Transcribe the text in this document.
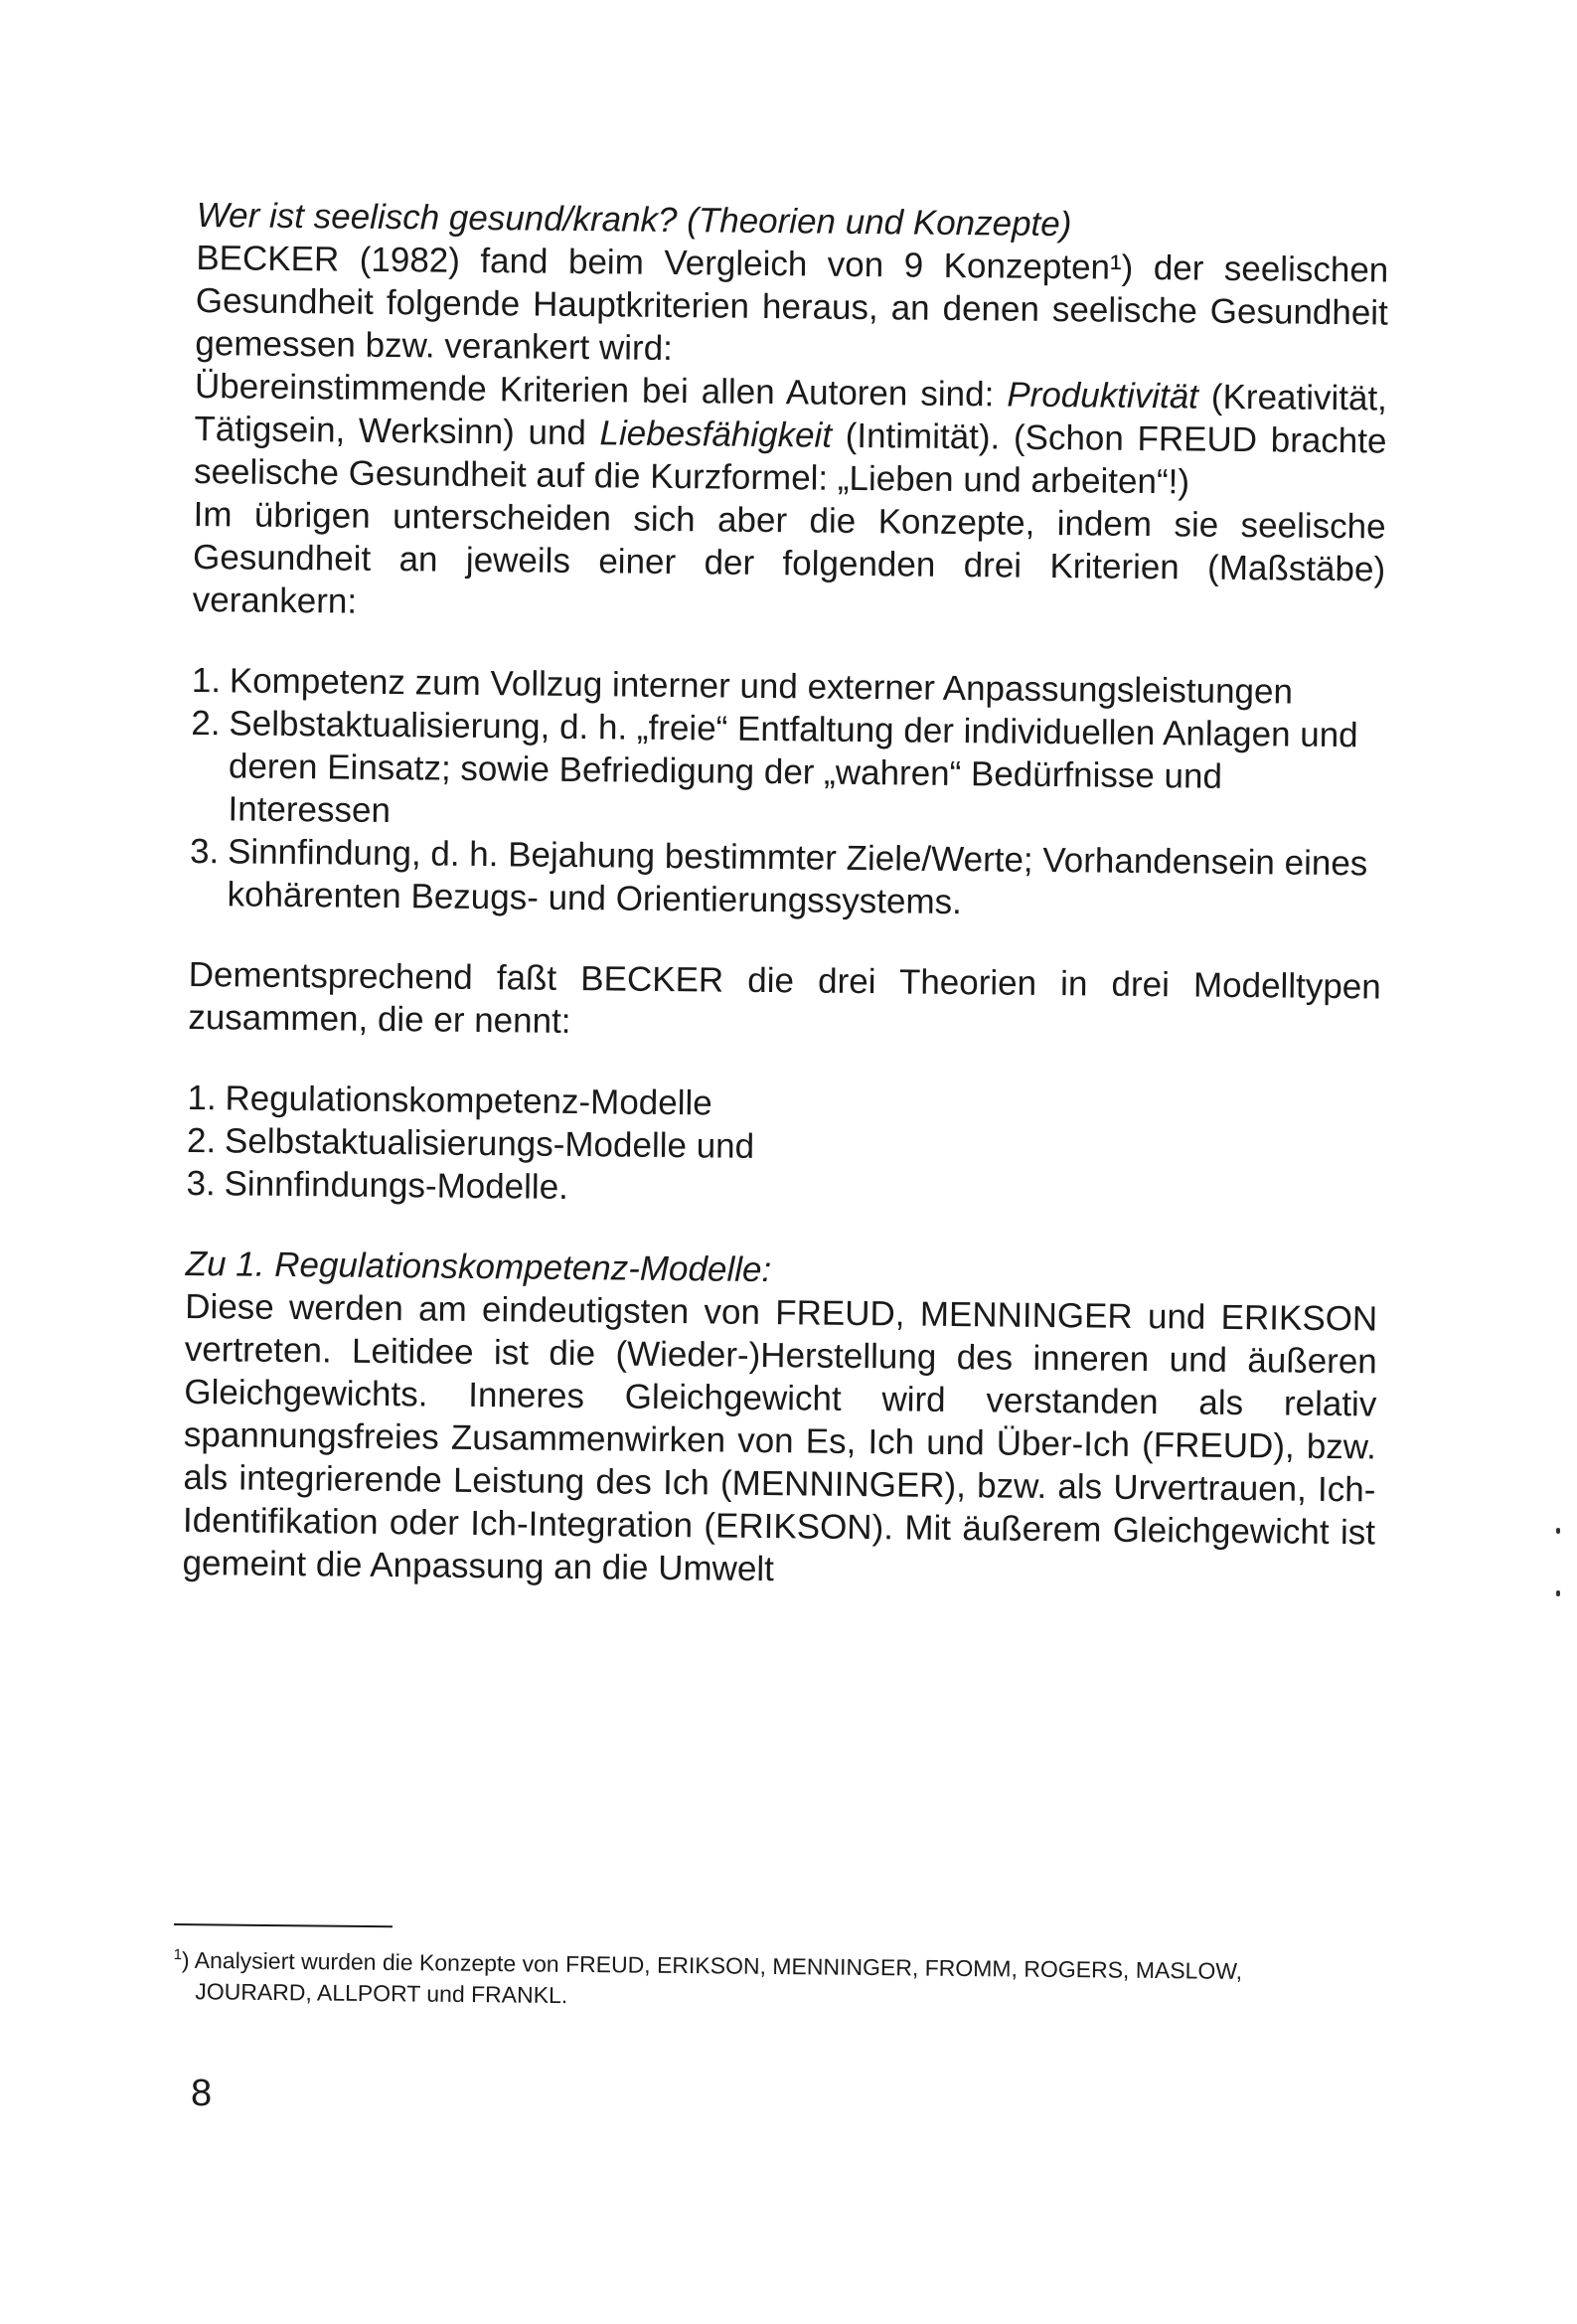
Wer ist seelisch gesund/krank? (Theorien und Konzepte)

BECKER (1982) fand beim Vergleich von 9 Konzepten¹) der seelischen Gesundheit folgende Hauptkriterien heraus, an denen seelische Gesundheit gemessen bzw. verankert wird:

Übereinstimmende Kriterien bei allen Autoren sind: Produktivität (Kreativität, Tätigsein, Werksinn) und Liebesfähigkeit (Intimität). (Schon FREUD brachte seelische Gesundheit auf die Kurzformel: „Lieben und arbeiten“!)

Im übrigen unterscheiden sich aber die Konzepte, indem sie seelische Gesundheit an jeweils einer der folgenden drei Kriterien (Maßstäbe) verankern:

1. Kompetenz zum Vollzug interner und externer Anpassungsleistungen
2. Selbstaktualisierung, d. h. „freie“ Entfaltung der individuellen Anlagen und deren Einsatz; sowie Befriedigung der „wahren“ Bedürfnisse und Interessen
3. Sinnfindung, d. h. Bejahung bestimmter Ziele/Werte; Vorhandensein eines kohärenten Bezugs- und Orientierungssystems.

Dementsprechend faßt BECKER die drei Theorien in drei Modelltypen zusammen, die er nennt:

1. Regulationskompetenz-Modelle
2. Selbstaktualisierungs-Modelle und
3. Sinnfindungs-Modelle.

Zu 1. Regulationskompetenz-Modelle:

Diese werden am eindeutigsten von FREUD, MENNINGER und ERIKSON vertreten. Leitidee ist die (Wieder-)Herstellung des inneren und äußeren Gleichgewichts. Inneres Gleichgewicht wird verstanden als relativ spannungsfreies Zusammenwirken von Es, Ich und Über-Ich (FREUD), bzw. als integrierende Leistung des Ich (MENNINGER), bzw. als Urvertrauen, Ich-Identifikation oder Ich-Integration (ERIKSON). Mit äußerem Gleichgewicht ist gemeint die Anpassung an die Umwelt

$^1$) Analysiert wurden die Konzepte von FREUD, ERIKSON, MENNINGER, FROMM, ROGERS, MASLOW,

JOURARD, ALLPORT und FRANKL.

8
